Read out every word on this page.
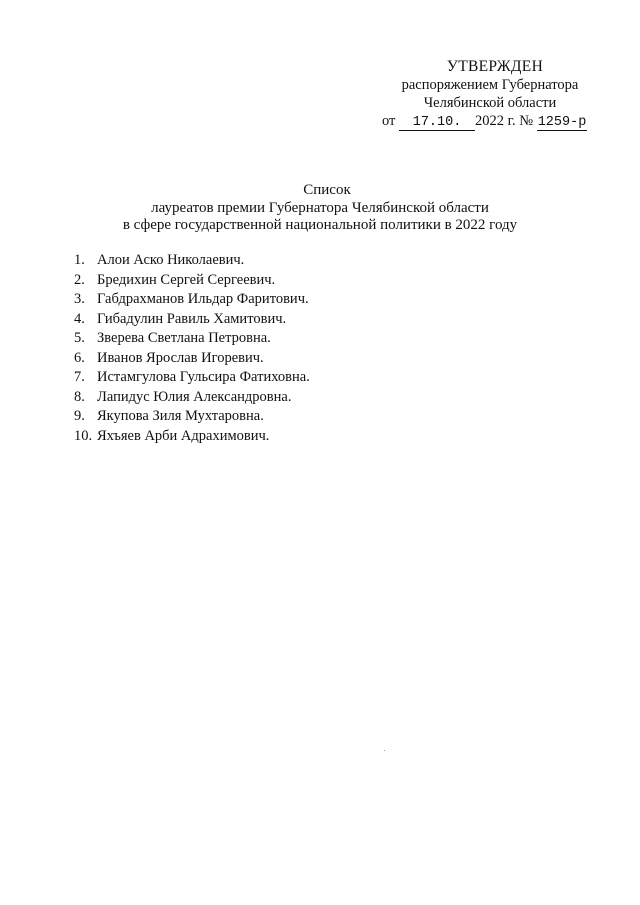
УТВЕРЖДЕН
распоряжением Губернатора
Челябинской области
от 17.10. 2022 г. № 1259-р
Список
лауреатов премии Губернатора Челябинской области
в сфере государственной национальной политики в 2022 году
1. Алои Аско Николаевич.
2. Бредихин Сергей Сергеевич.
3. Габдрахманов Ильдар Фаритович.
4. Гибадулин Равиль Хамитович.
5. Зверева Светлана Петровна.
6. Иванов Ярослав Игоревич.
7. Истамгулова Гульсира Фатиховна.
8. Лапидус Юлия Александровна.
9. Якупова Зиля Мухтаровна.
10. Яхъяев Арби Адрахимович.
